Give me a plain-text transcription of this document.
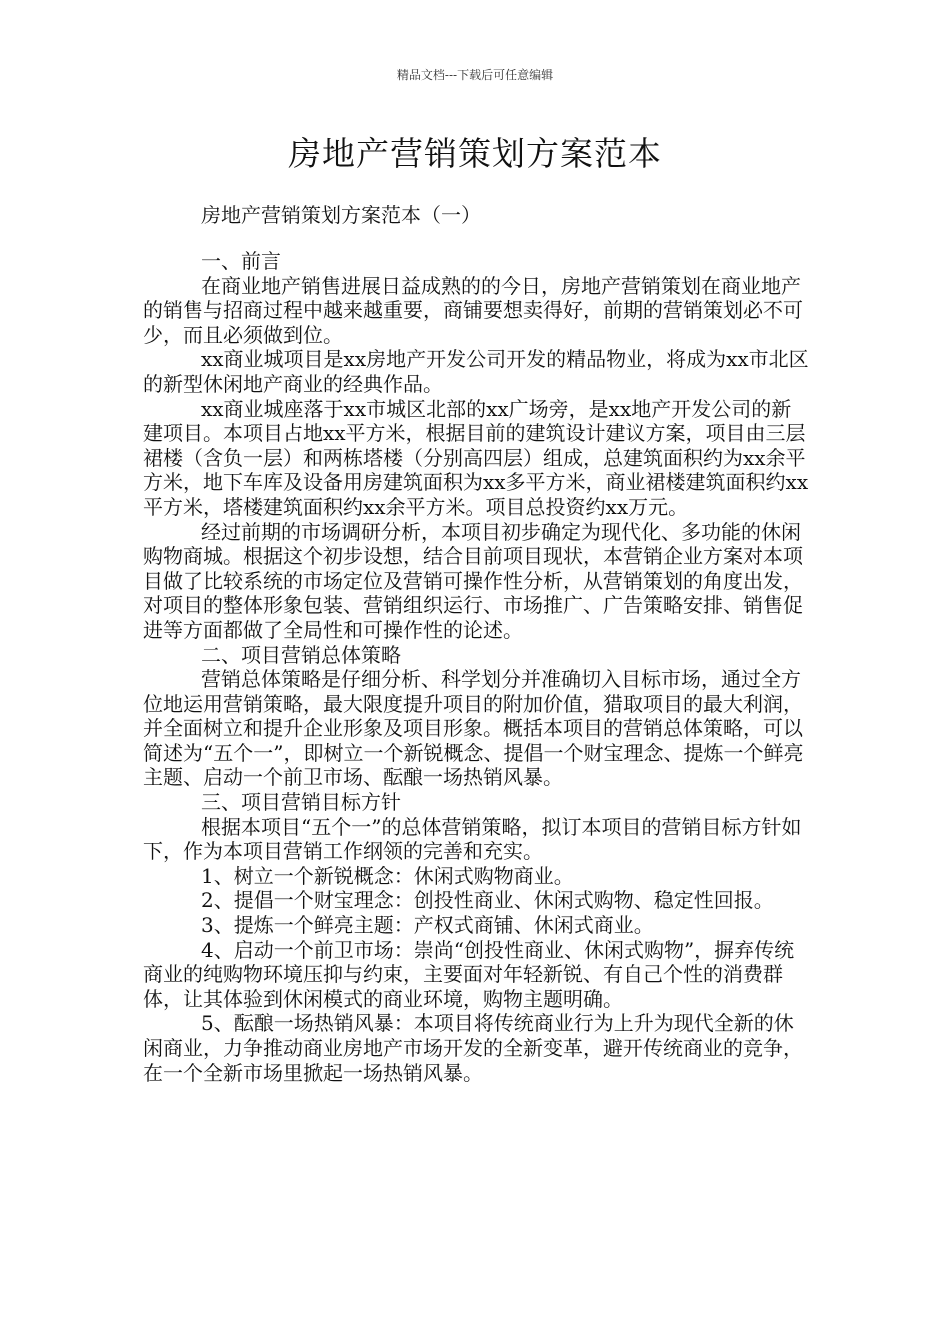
精品文档---下载后可任意编辑
房地产营销策划方案范本
房地产营销策划方案范本（一）

一、前言

在商业地产销售进展日益成熟的的今日，房地产营销策划在商业地产的销售与招商过程中越来越重要，商铺要想卖得好，前期的营销策划必不可少，而且必须做到位。

xx商业城项目是xx房地产开发公司开发的精品物业，将成为xx市北区的新型休闲地产商业的经典作品。

xx商业城座落于xx市城区北部的xx广场旁，是xx地产开发公司的新建项目。本项目占地xx平方米，根据目前的建筑设计建议方案，项目由三层裙楼（含负一层）和两栋塔楼（分别高四层）组成，总建筑面积约为xx余平方米，地下车库及设备用房建筑面积为xx多平方米，商业裙楼建筑面积约xx平方米，塔楼建筑面积约xx余平方米。项目总投资约xx万元。

经过前期的市场调研分析，本项目初步确定为现代化、多功能的休闲购物商城。根据这个初步设想，结合目前项目现状，本营销企业方案对本项目做了比较系统的市场定位及营销可操作性分析，从营销策划的角度出发，对项目的整体形象包装、营销组织运行、市场推广、广告策略安排、销售促进等方面都做了全局性和可操作性的论述。

二、项目营销总体策略

营销总体策略是仔细分析、科学划分并准确切入目标市场，通过全方位地运用营销策略，最大限度提升项目的附加价值，猎取项目的最大利润，并全面树立和提升企业形象及项目形象。概括本项目的营销总体策略，可以简述为“五个一”，即树立一个新锐概念、提倡一个财宝理念、提炼一个鲜亮主题、启动一个前卫市场、酝酿一场热销风暴。

三、项目营销目标方针

根据本项目“五个一”的总体营销策略，拟订本项目的营销目标方针如下，作为本项目营销工作纲领的完善和充实。

1、树立一个新锐概念：休闲式购物商业。

2、提倡一个财宝理念：创投性商业、休闲式购物、稳定性回报。

3、提炼一个鲜亮主题：产权式商铺、休闲式商业。

4、启动一个前卫市场：崇尚“创投性商业、休闲式购物”，摒弃传统商业的纯购物环境压抑与约束，主要面对年轻新锐、有自己个性的消费群体，让其体验到休闲模式的商业环境，购物主题明确。

5、酝酿一场热销风暴：本项目将传统商业行为上升为现代全新的休闲商业，力争推动商业房地产市场开发的全新变革，避开传统商业的竞争，在一个全新市场里掀起一场热销风暴。
